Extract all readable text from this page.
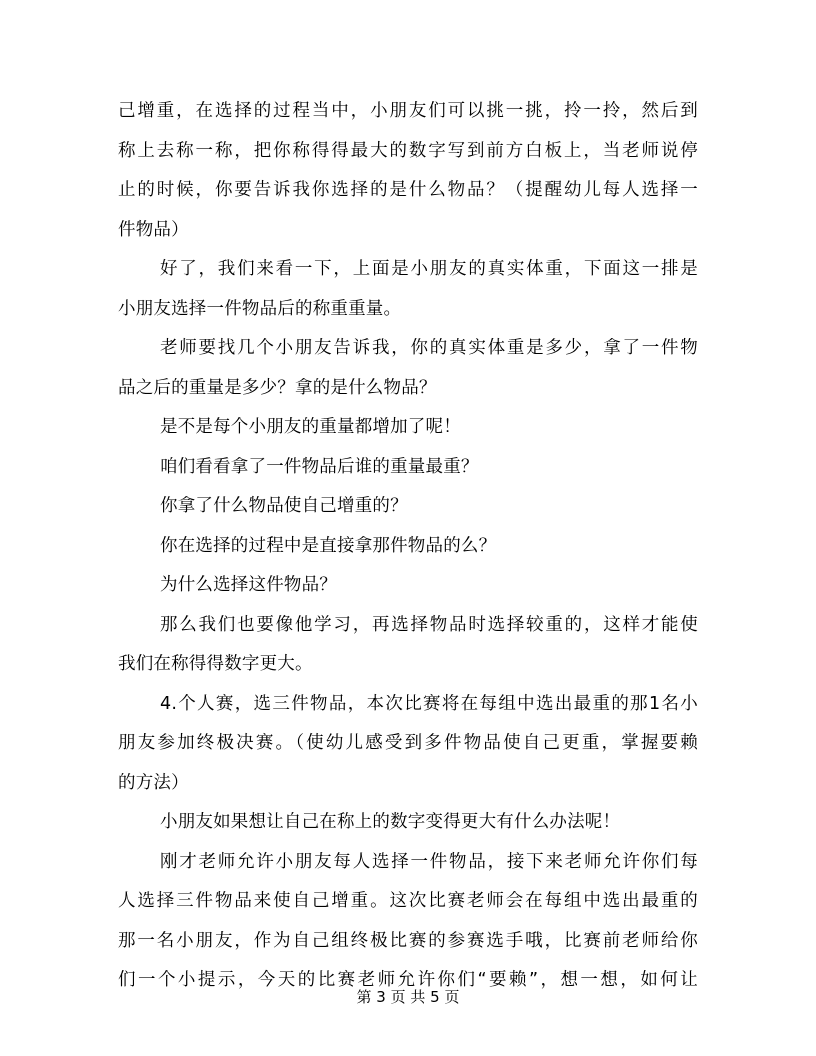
己增重，在选择的过程当中，小朋友们可以挑一挑，拎一拎，然后到
称上去称一称，把你称得得最大的数字写到前方白板上，当老师说停
止的时候，你要告诉我你选择的是什么物品？（提醒幼儿每人选择一
件物品）
好了，我们来看一下，上面是小朋友的真实体重，下面这一排是
小朋友选择一件物品后的称重重量。
老师要找几个小朋友告诉我，你的真实体重是多少，拿了一件物
品之后的重量是多少？拿的是什么物品？
是不是每个小朋友的重量都增加了呢！
咱们看看拿了一件物品后谁的重量最重？
你拿了什么物品使自己增重的？
你在选择的过程中是直接拿那件物品的么？
为什么选择这件物品？
那么我们也要像他学习，再选择物品时选择较重的，这样才能使
我们在称得得数字更大。
4.个人赛，选三件物品，本次比赛将在每组中选出最重的那1名小
朋友参加终极决赛。（使幼儿感受到多件物品使自己更重，掌握要赖
的方法）
小朋友如果想让自己在称上的数字变得更大有什么办法呢！
刚才老师允许小朋友每人选择一件物品，接下来老师允许你们每
人选择三件物品来使自己增重。这次比赛老师会在每组中选出最重的
那一名小朋友，作为自己组终极比赛的参赛选手哦，比赛前老师给你
们一个小提示，今天的比赛老师允许你们“要赖”，想一想，如何让
第 3 页 共 5 页
